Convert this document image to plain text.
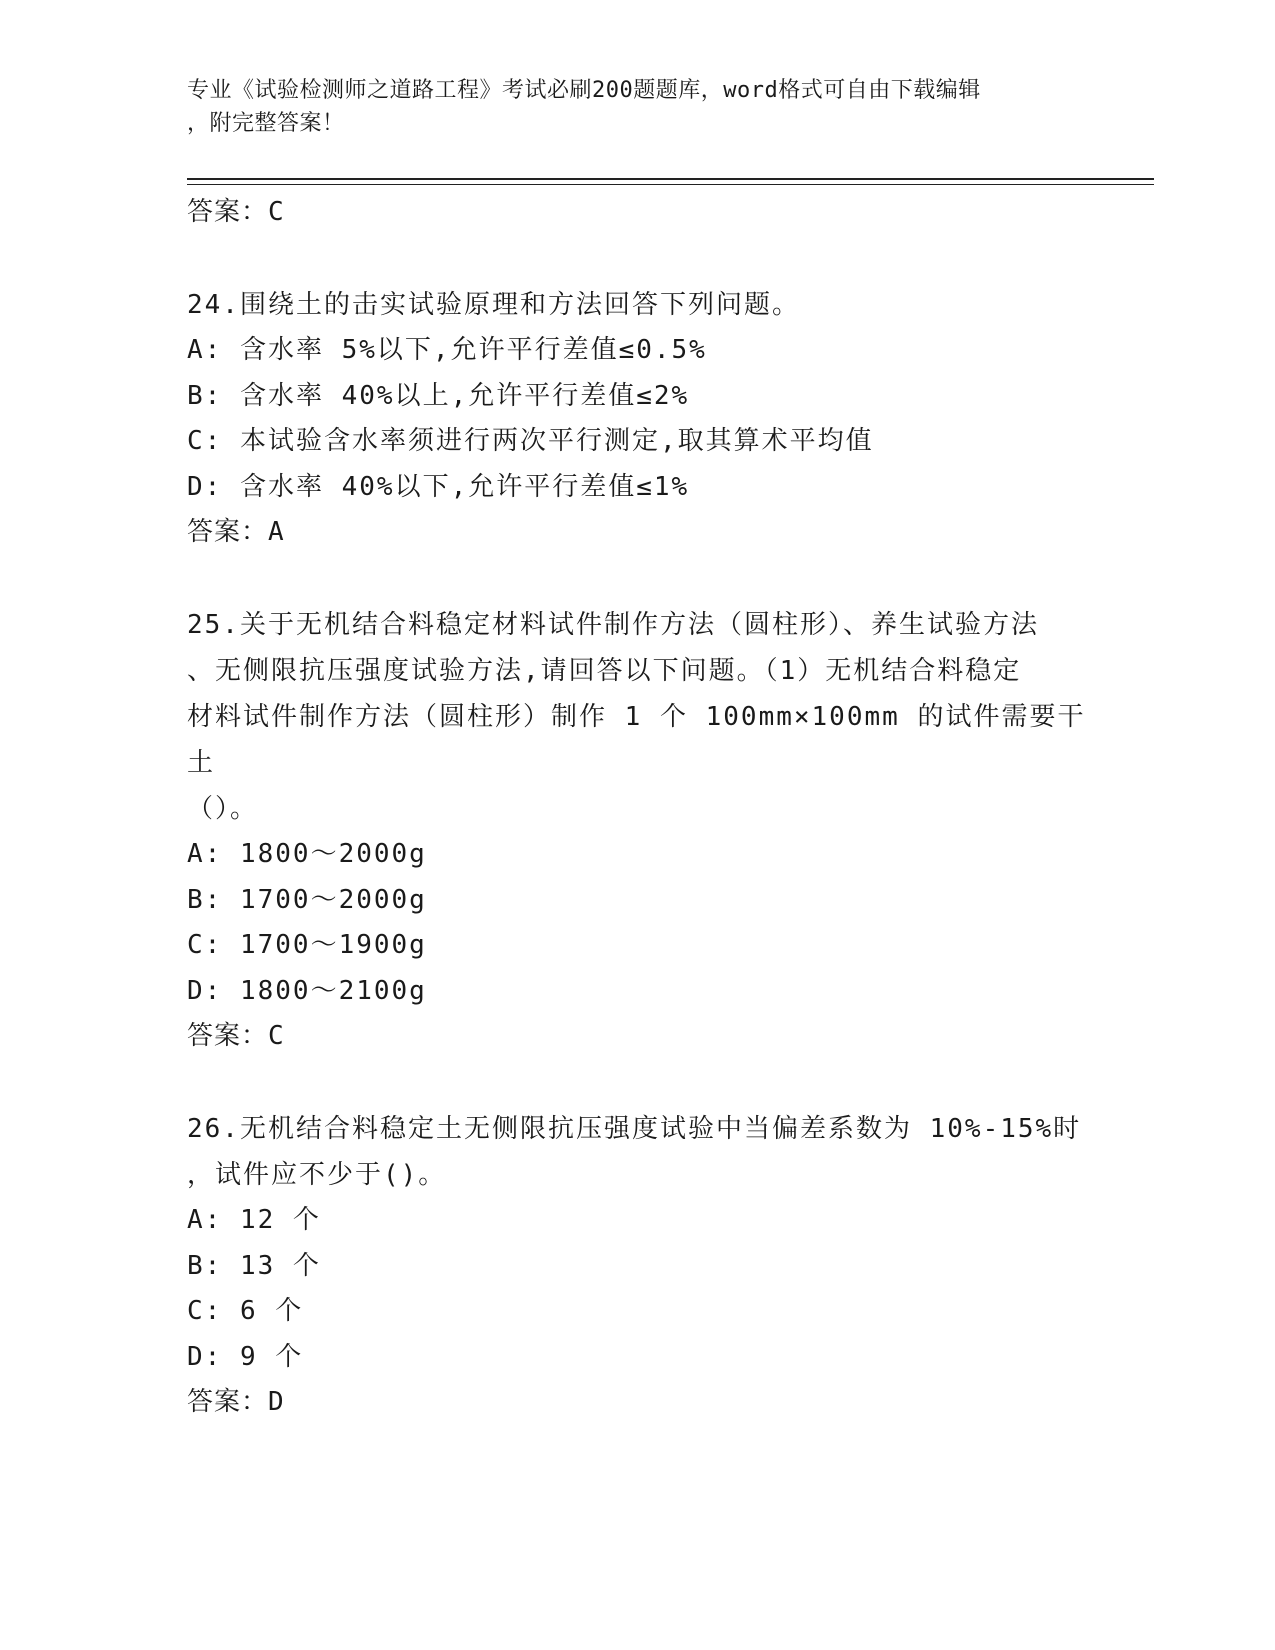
专业《试验检测师之道路工程》考试必刷200题题库，word格式可自由下载编辑
，附完整答案！
答案：C
24.围绕土的击实试验原理和方法回答下列问题。
A: 含水率 5%以下,允许平行差值≤0.5%
B: 含水率 40%以上,允许平行差值≤2%
C: 本试验含水率须进行两次平行测定,取其算术平均值
D: 含水率 40%以下,允许平行差值≤1%
答案：A
25.关于无机结合料稳定材料试件制作方法（圆柱形）、养生试验方法
、无侧限抗压强度试验方法,请回答以下问题。（1）无机结合料稳定
材料试件制作方法（圆柱形）制作 1 个 100mm×100mm 的试件需要干土
（）。
A: 1800～2000g
B: 1700～2000g
C: 1700～1900g
D: 1800～2100g
答案：C
26.无机结合料稳定土无侧限抗压强度试验中当偏差系数为 10%-15%时
，试件应不少于()。
A: 12 个
B: 13 个
C: 6 个
D: 9 个
答案：D
